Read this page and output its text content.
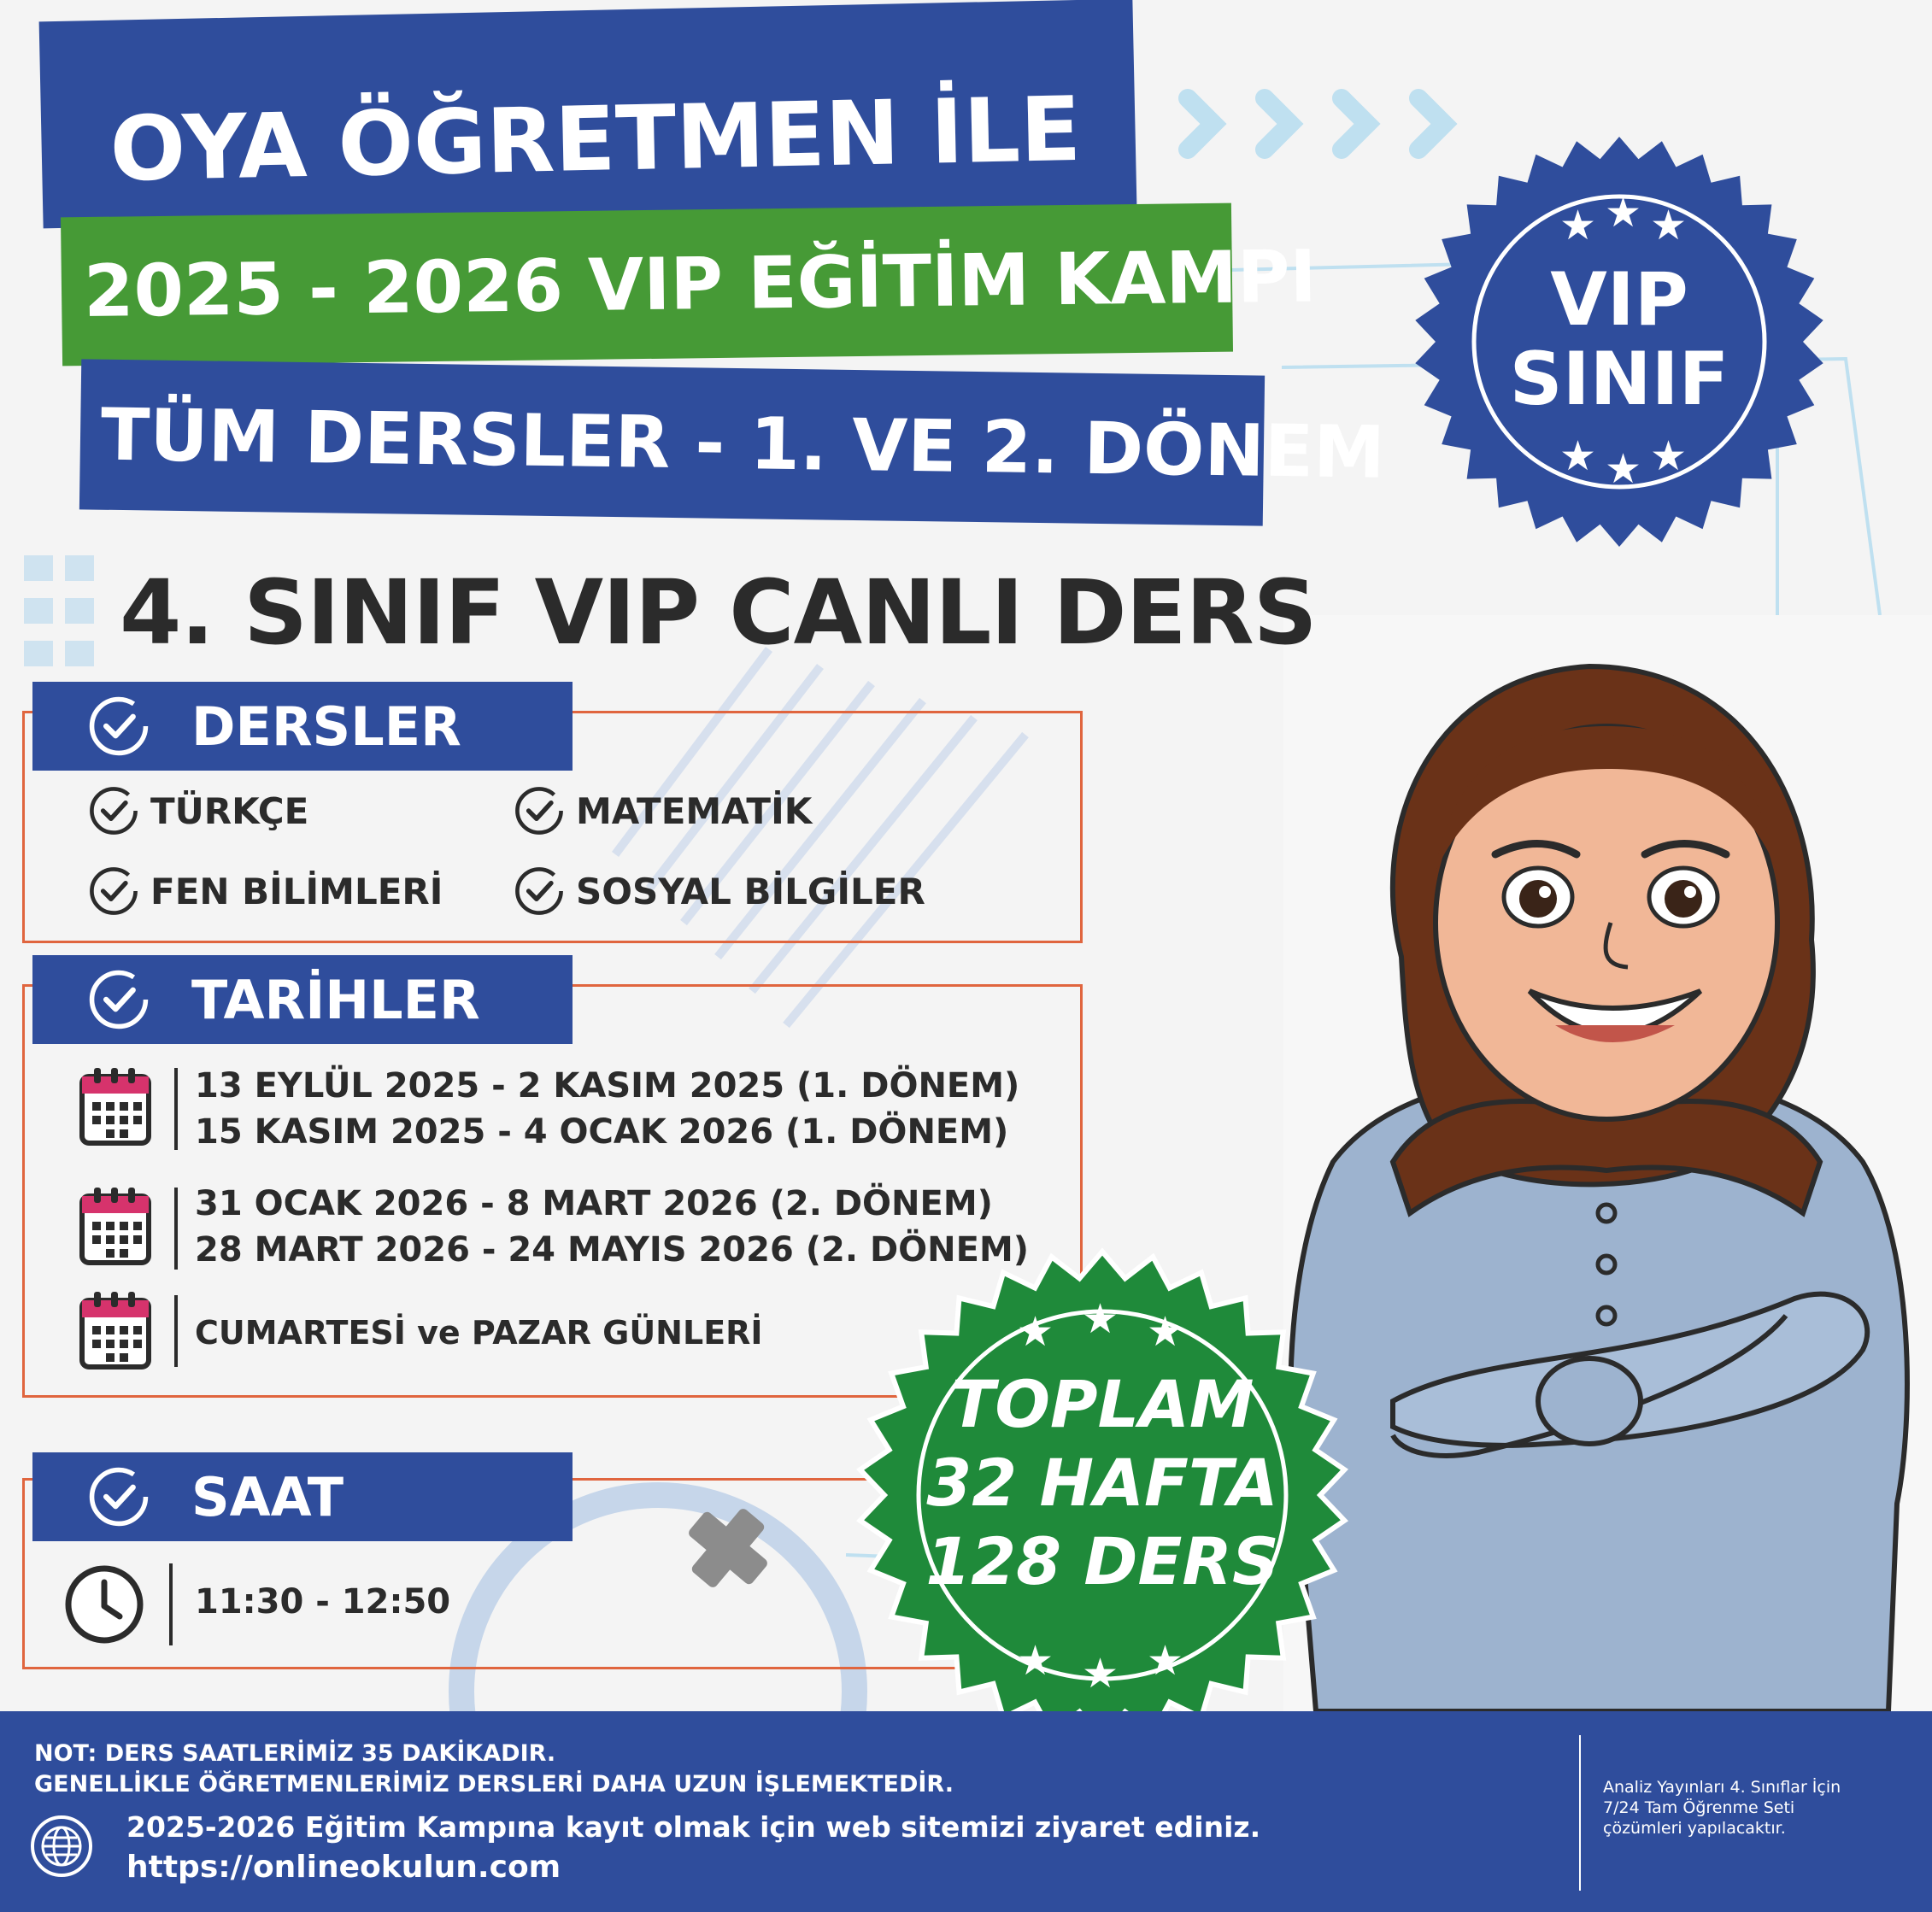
OYA ÖĞRETMEN İLE
2025 - 2026 VIP EĞİTİM KAMPI
TÜM DERSLER - 1. VE 2. DÖNEM
★ ★ ★
★ ★ ★
VIP
SINIF
4. SINIF VIP CANLI DERS
DERSLER
TÜRKÇE	MATEMATİK
FEN BİLİMLERİ	SOSYAL BİLGİLER
TARİHLER
13 EYLÜL 2025 - 2 KASIM 2025 (1. DÖNEM)
15 KASIM 2025 - 4 OCAK 2026 (1. DÖNEM)
31 OCAK 2026 - 8 MART 2026 (2. DÖNEM)
28 MART 2026 - 24 MAYIS 2026 (2. DÖNEM)
CUMARTESİ ve PAZAR GÜNLERİ
SAAT
11:30 - 12:50
★ ★ ★
★ ★ ★
TOPLAM
32 HAFTA
128 DERS
NOT: DERS SAATLERİMİZ 35 DAKİKADIR.
GENELLİKLE ÖĞRETMENLERİMİZ DERSLERİ DAHA UZUN İŞLEMEKTEDİR.
2025-2026 Eğitim Kampına kayıt olmak için web sitemizi ziyaret ediniz.
https://onlineokulun.com
Analiz Yayınları 4. Sınıflar İçin
7/24 Tam Öğrenme Seti
çözümleri yapılacaktır.
